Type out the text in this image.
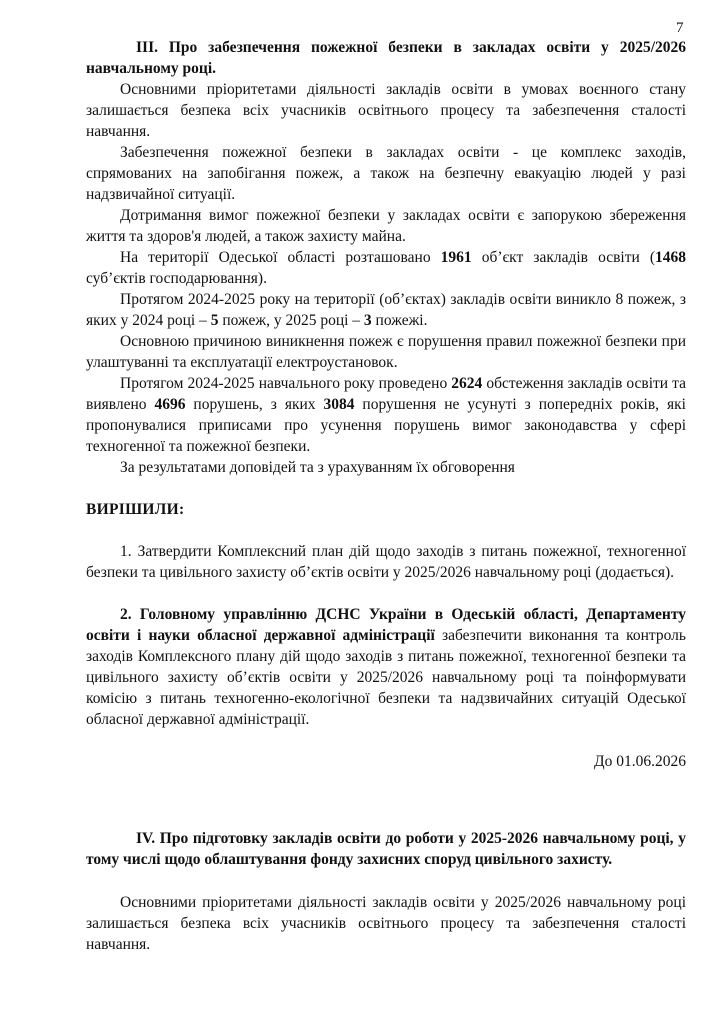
7

III. Про забезпечення пожежної безпеки в закладах освіти у 2025/2026 навчальному році.

Основними пріоритетами діяльності закладів освіти в умовах воєнного стану залишається безпека всіх учасників освітнього процесу та забезпечення сталості навчання.

Забезпечення пожежної безпеки в закладах освіти - це комплекс заходів, спрямованих на запобігання пожеж, а також на безпечну евакуацію людей у разі надзвичайної ситуації.

Дотримання вимог пожежної безпеки у закладах освіти є запорукою збереження життя та здоров'я людей, а також захисту майна.

На території Одеської області розташовано 1961 об’єкт закладів освіти (1468 суб’єктів господарювання).

Протягом 2024-2025 року на території (об’єктах) закладів освіти виникло 8 пожеж, з яких у 2024 році – 5 пожеж, у 2025 році – 3 пожежі.

Основною причиною виникнення пожеж є порушення правил пожежної безпеки при улаштуванні та експлуатації електроустановок.

Протягом 2024-2025 навчального року проведено 2624 обстеження закладів освіти та виявлено 4696 порушень, з яких 3084 порушення не усунуті з попередніх років, які пропонувалися приписами про усунення порушень вимог законодавства у сфері техногенної та пожежної безпеки.

За результатами доповідей та з урахуванням їх обговорення

ВИРІШИЛИ:

1. Затвердити Комплексний план дій щодо заходів з питань пожежної, техногенної безпеки та цивільного захисту об’єктів освіти у 2025/2026 навчальному році (додається).

2. Головному управлінню ДСНС України в Одеській області, Департаменту освіти і науки обласної державної адміністрації забезпечити виконання та контроль заходів Комплексного плану дій щодо заходів з питань пожежної, техногенної безпеки та цивільного захисту об’єктів освіти у 2025/2026 навчальному році та поінформувати комісію з питань техногенно-екологічної безпеки та надзвичайних ситуацій Одеської обласної державної адміністрації.

До 01.06.2026

IV. Про підготовку закладів освіти до роботи у 2025-2026 навчальному році, у тому числі щодо облаштування фонду захисних споруд цивільного захисту.

Основними пріоритетами діяльності закладів освіти у 2025/2026 навчальному році залишається безпека всіх учасників освітнього процесу та забезпечення сталості навчання.
